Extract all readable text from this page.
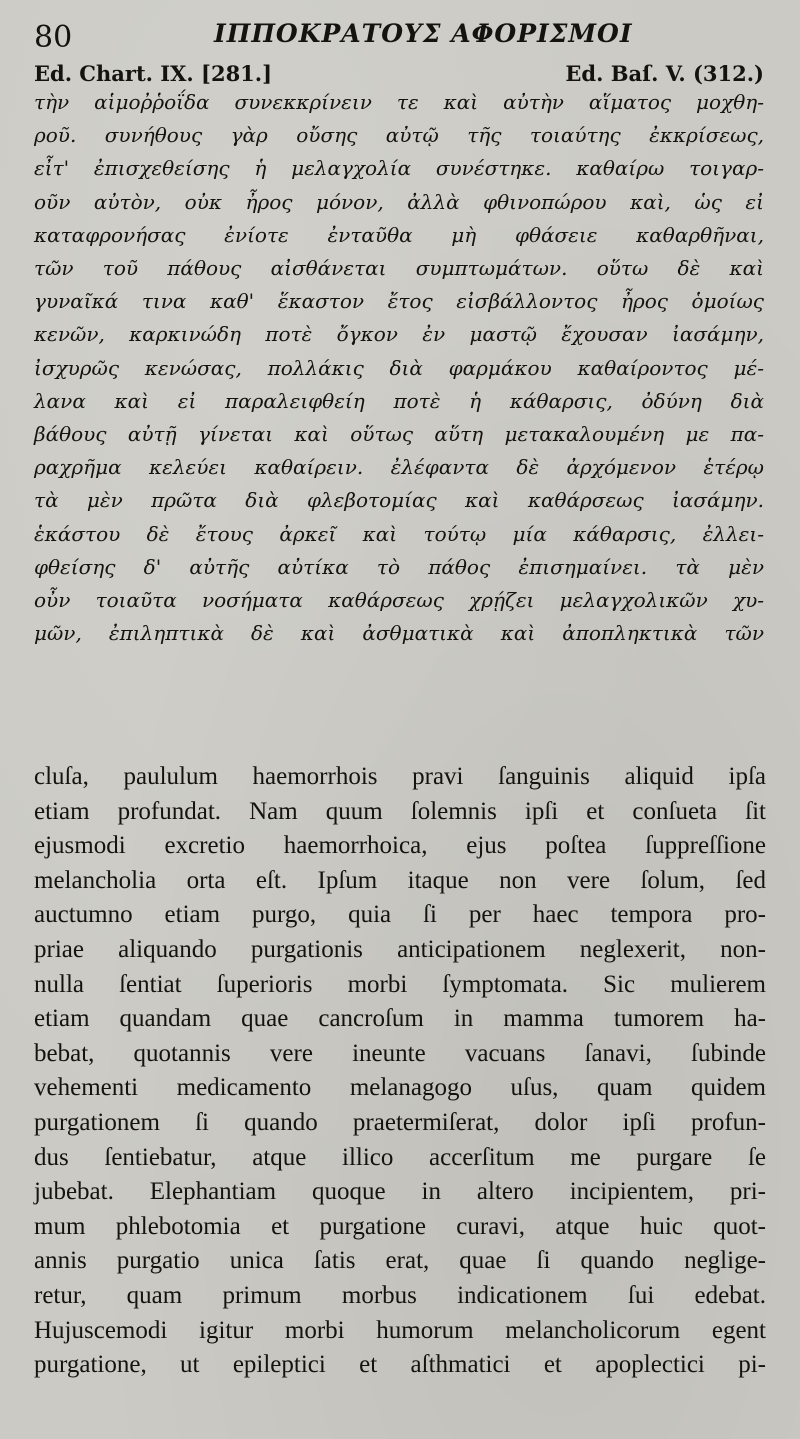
80	ΙΠΠΟΚΡΑΤΟΥΣ ΑΦΟΡΙΣΜΟΙ
Ed. Chart. IX. [281.]	Ed. Baſ. V. (312.)
τὴν αἱμοῤῥοΐδα συνεκκρίνειν τε καὶ αὐτὴν αἵματος μοχθη-
ροῦ. συνήθους γὰρ οὔσης αὐτῷ τῆς τοιαύτης ἐκκρίσεως,
εἶτ' ἐπισχεθείσης ἡ μελαγχολία συνέστηκε. καθαίρω τοιγαρ-
οῦν αὐτὸν, οὐκ ἦρος μόνον, ἀλλὰ φθινοπώρου καὶ, ὡς εἰ
καταφρονήσας ἐνίοτε ἐνταῦθα μὴ φθάσειε καθαρθῆναι,
τῶν τοῦ πάθους αἰσθάνεται συμπτωμάτων. οὕτω δὲ καὶ
γυναῖκά τινα καθ' ἕκαστον ἔτος εἰσβάλλοντος ἦρος ὁμοίως
κενῶν, καρκινώδη ποτὲ ὄγκον ἐν μαστῷ ἔχουσαν ἰασάμην,
ἰσχυρῶς κενώσας, πολλάκις διὰ φαρμάκου καθαίροντος μέ-
λανα καὶ εἰ παραλειφθείη ποτὲ ἡ κάθαρσις, ὀδύνη διὰ
βάθους αὐτῇ γίνεται καὶ οὕτως αὕτη μετακαλουμένη με πα-
ραχρῆμα κελεύει καθαίρειν. ἐλέφαντα δὲ ἀρχόμενον ἑτέρῳ
τὰ μὲν πρῶτα διὰ φλεβοτομίας καὶ καθάρσεως ἰασάμην.
ἑκάστου δὲ ἔτους ἀρκεῖ καὶ τούτῳ μία κάθαρσις, ἐλλει-
φθείσης δ' αὐτῆς αὐτίκα τὸ πάθος ἐπισημαίνει. τὰ μὲν
οὖν τοιαῦτα νοσήματα καθάρσεως χρῄζει μελαγχολικῶν χυ-
μῶν, ἐπιληπτικὰ δὲ καὶ ἀσθματικὰ καὶ ἀποπληκτικὰ τῶν
cluſa, paululum haemorrhois pravi ſanguinis aliquid ipſa
etiam profundat. Nam quum ſolemnis ipſi et conſueta ſit
ejusmodi excretio haemorrhoica, ejus poſtea ſuppreſſione
melancholia orta eſt. Ipſum itaque non vere ſolum, ſed
auctumno etiam purgo, quia ſi per haec tempora pro-
priae aliquando purgationis anticipationem neglexerit, non-
nulla ſentiat ſuperioris morbi ſymptomata. Sic mulierem
etiam quandam quae cancroſum in mamma tumorem ha-
bebat, quotannis vere ineunte vacuans ſanavi, ſubinde
vehementi medicamento melanagogo uſus, quam quidem
purgationem ſi quando praetermiſerat, dolor ipſi profun-
dus ſentiebatur, atque illico accerſitum me purgare ſe
jubebat. Elephantiam quoque in altero incipientem, pri-
mum phlebotomia et purgatione curavi, atque huic quot-
annis purgatio unica ſatis erat, quae ſi quando neglige-
retur, quam primum morbus indicationem ſui edebat.
Hujuscemodi igitur morbi humorum melancholicorum egent
purgatione, ut epileptici et aſthmatici et apoplectici pi-
